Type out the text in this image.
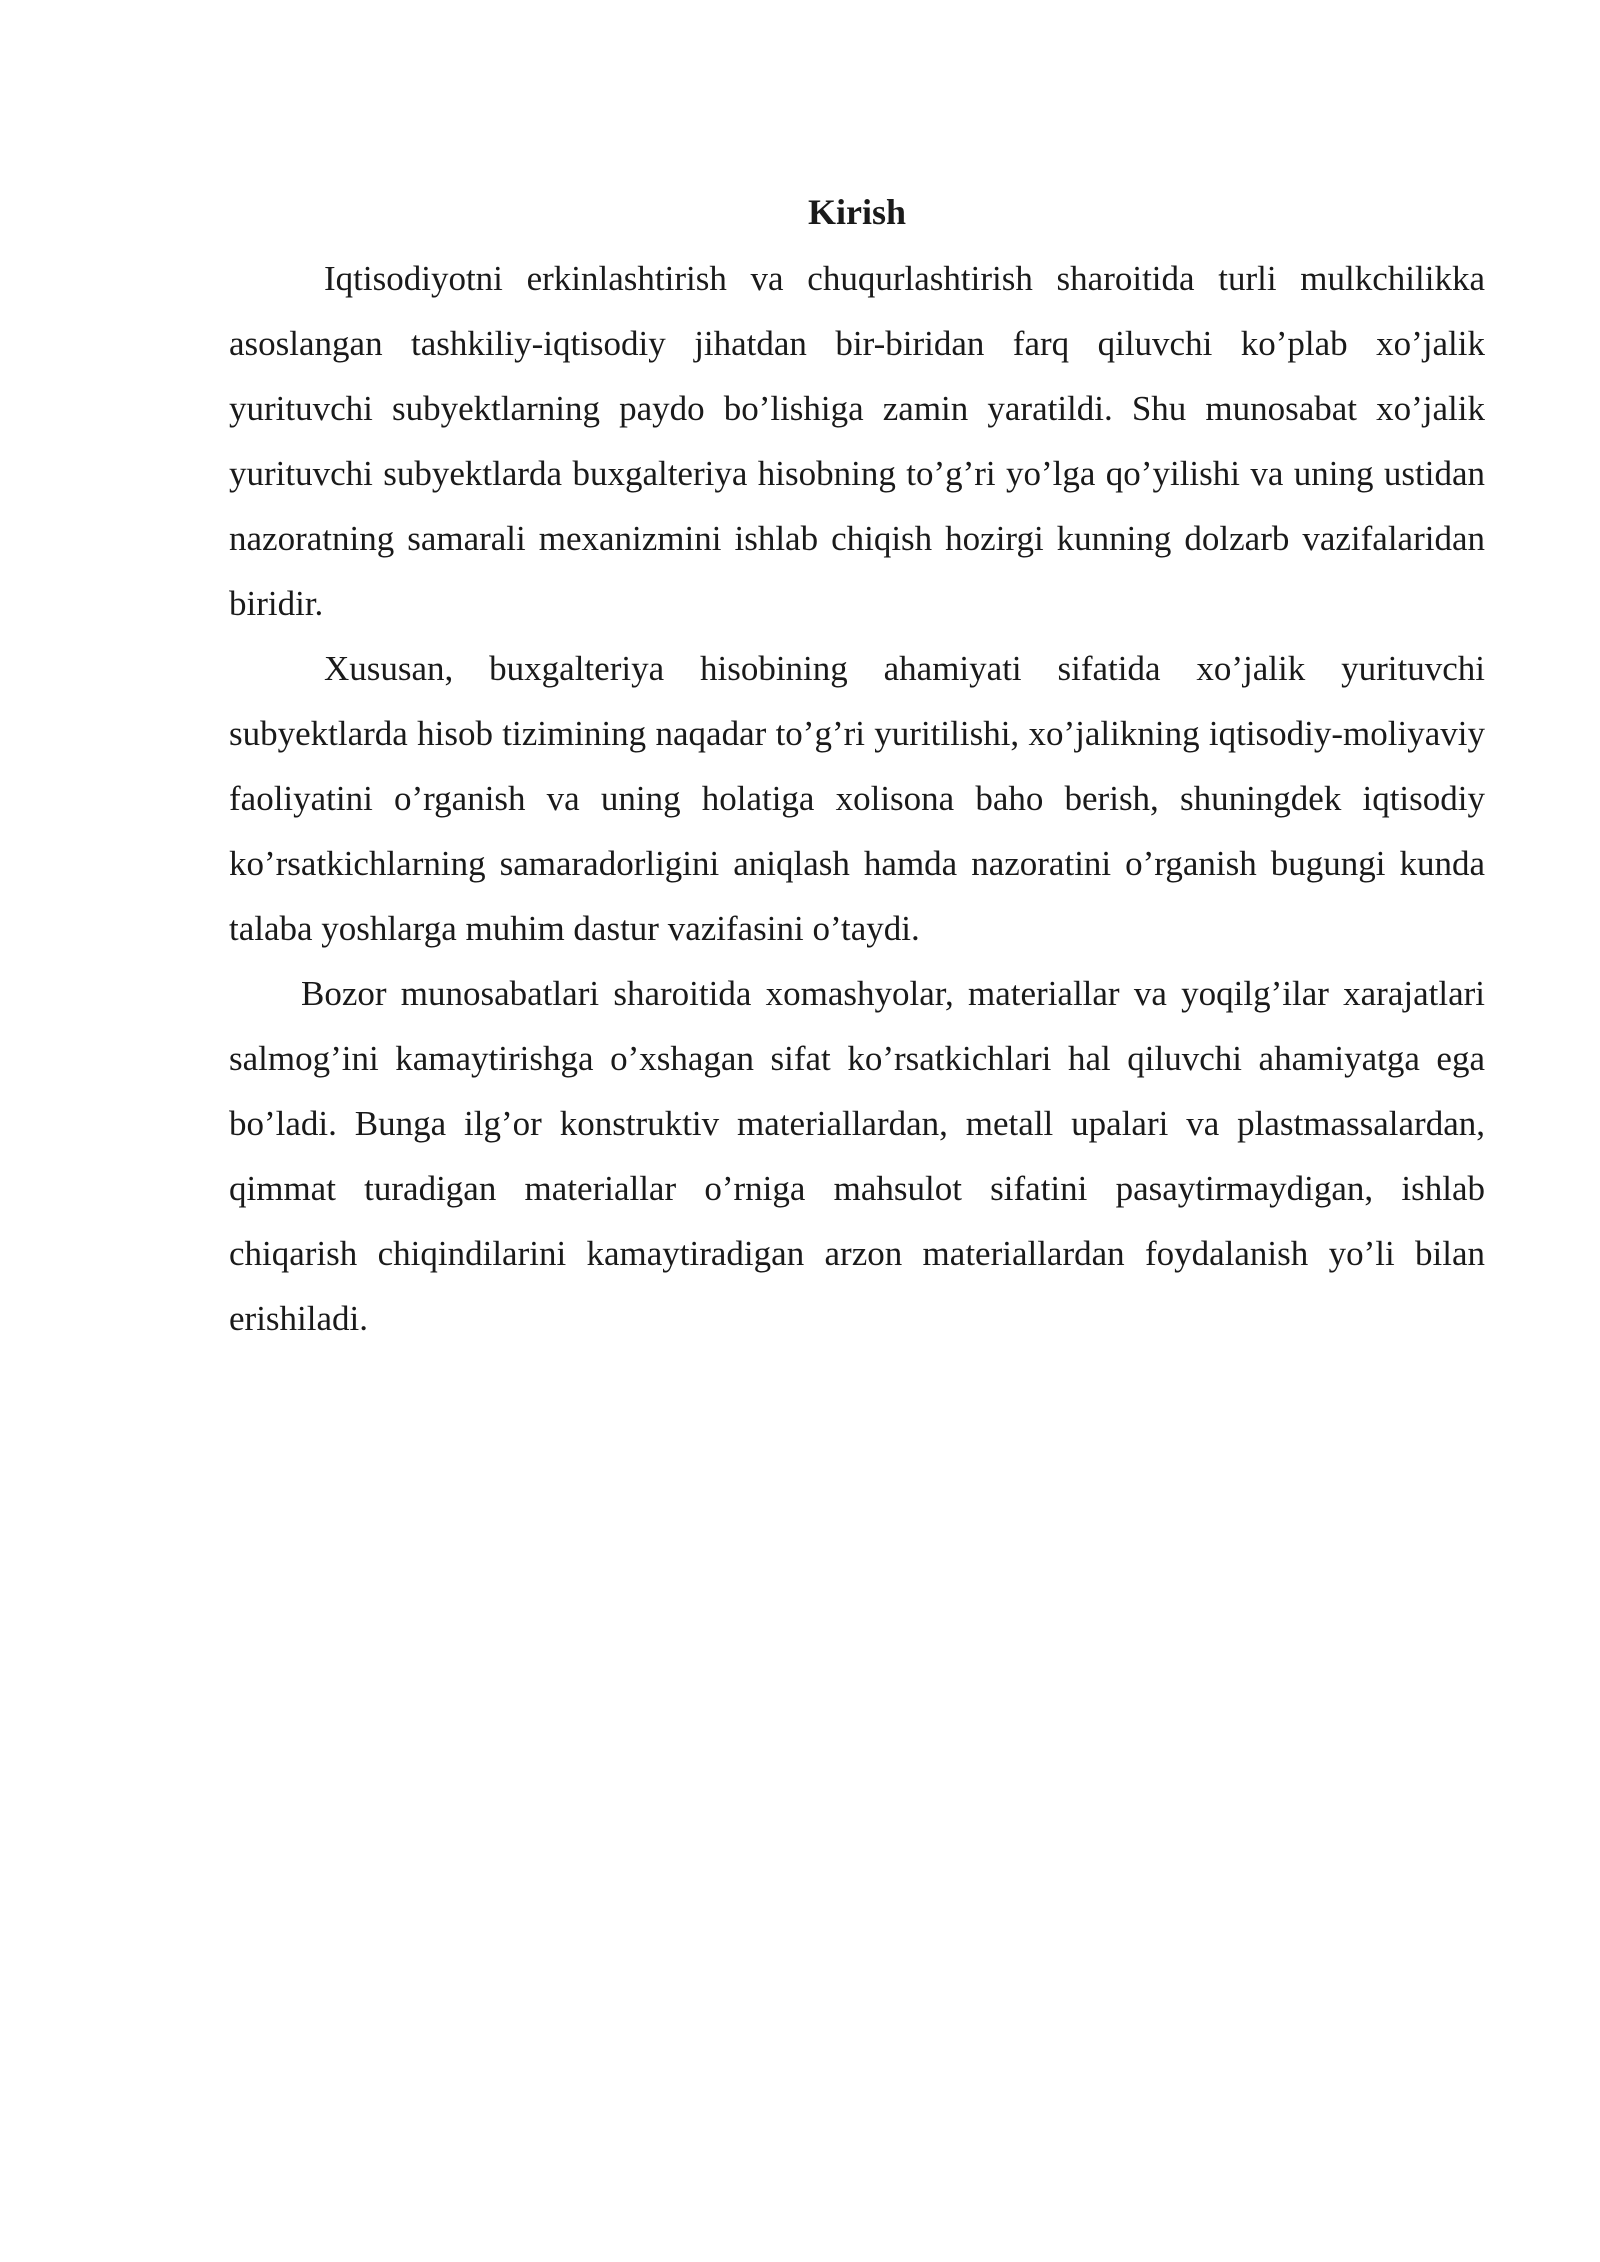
Kirish

Iqtisodiyotni erkinlashtirish va chuqurlashtirish sharoitida turli mulkchilikka asoslangan tashkiliy-iqtisodiy jihatdan bir-biridan farq qiluvchi ko’plab xo’jalik yurituvchi subyektlarning paydo bo’lishiga zamin yaratildi. Shu munosabat xo’jalik yurituvchi subyektlarda buxgalteriya hisobning to’g’ri yo’lga qo’yilishi va uning ustidan nazoratning samarali mexanizmini ishlab chiqish hozirgi kunning dolzarb vazifalaridan biridir.

Xususan, buxgalteriya hisobining ahamiyati sifatida xo’jalik yurituvchi subyektlarda hisob tizimining naqadar to’g’ri yuritilishi, xo’jalikning iqtisodiy-moliyaviy faoliyatini o’rganish va uning holatiga xolisona baho berish, shuningdek iqtisodiy ko’rsatkichlarning samaradorligini aniqlash hamda nazoratini o’rganish bugungi kunda talaba yoshlarga muhim dastur vazifasini o’taydi.

Bozor munosabatlari sharoitida xomashyolar, materiallar va yoqilg’ilar xarajatlari salmog’ini kamaytirishga o’xshagan sifat ko’rsatkichlari hal qiluvchi ahamiyatga ega bo’ladi. Bunga ilg’or konstruktiv materiallardan, metall upalari va plastmassalardan, qimmat turadigan materiallar o’rniga mahsulot sifatini pasaytirmaydigan, ishlab chiqarish chiqindilarini kamaytiradigan arzon materiallardan foydalanish yo’li bilan erishiladi.
